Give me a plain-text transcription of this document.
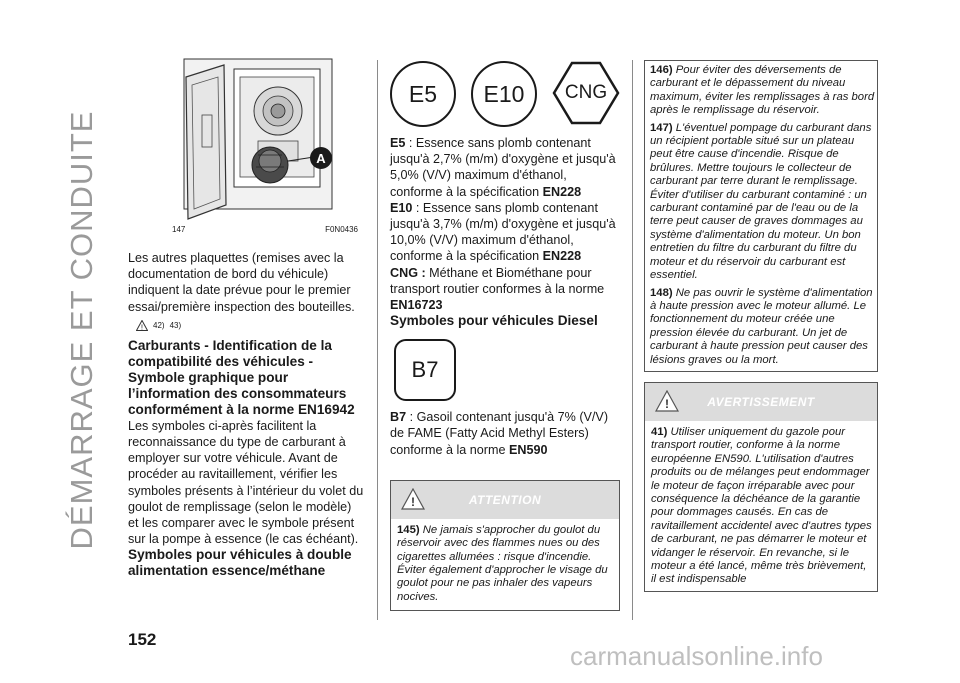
DÉMARRAGE ET CONDUITE	A
147	F0N0436

Les autres plaquettes (remises avec la documentation de bord du véhicule) indiquent la date prévue pour le premier essai/première inspection des bouteilles.

! 42) 43)

Carburants - Identification de la compatibilité des véhicules - Symbole graphique pour l’information des consommateurs conformément à la norme EN16942

Les symboles ci-après facilitent la reconnaissance du type de carburant à employer sur votre véhicule. Avant de procéder au ravitaillement, vérifier les symboles présents à l’intérieur du volet du goulot de remplissage (selon le modèle) et les comparer avec le symbole présent sur la pompe à essence (le cas échéant).

Symboles pour véhicules à double alimentation essence/méthane

E5	E10	CNG

E5 : Essence sans plomb contenant jusqu'à 2,7% (m/m) d'oxygène et jusqu'à 5,0% (V/V) maximum d'éthanol, conforme à la spécification EN228

E10 : Essence sans plomb contenant jusqu'à 3,7% (m/m) d'oxygène et jusqu'à 10,0% (V/V) maximum d'éthanol, conforme à la spécification EN228

CNG : Méthane et Biométhane pour transport routier conformes à la norme EN16723

Symboles pour véhicules Diesel

B7

B7 : Gasoil contenant jusqu'à 7% (V/V) de FAME (Fatty Acid Methyl Esters) conforme à la norme EN590

!	ATTENTION

145) Ne jamais s'approcher du goulot du réservoir avec des flammes nues ou des cigarettes allumées : risque d'incendie. Éviter également d'approcher le visage du goulot pour ne pas inhaler des vapeurs nocives.

146) Pour éviter des déversements de carburant et le dépassement du niveau maximum, éviter les remplissages à ras bord après le remplissage du réservoir.

147) L'éventuel pompage du carburant dans un récipient portable situé sur un plateau peut être cause d'incendie. Risque de brûlures. Mettre toujours le collecteur de carburant par terre durant le remplissage. Éviter d'utiliser du carburant contaminé : un carburant contaminé par de l'eau ou de la terre peut causer de graves dommages au système d'alimentation du moteur. Un bon entretien du filtre du carburant du filtre du moteur et du réservoir du carburant est essentiel.

148) Ne pas ouvrir le système d'alimentation à haute pression avec le moteur allumé. Le fonctionnement du moteur créée une pression élevée du carburant. Un jet de carburant à haute pression peut causer des lésions graves ou la mort.

!	AVERTISSEMENT

41) Utiliser uniquement du gazole pour transport routier, conforme à la norme européenne EN590. L'utilisation d'autres produits ou de mélanges peut endommager le moteur de façon irréparable avec pour conséquence la déchéance de la garantie pour dommages causés. En cas de ravitaillement accidentel avec d'autres types de carburant, ne pas démarrer le moteur et vidanger le réservoir. En revanche, si le moteur a été lancé, même très brièvement, il est indispensable

152
carmanualsonline.info
